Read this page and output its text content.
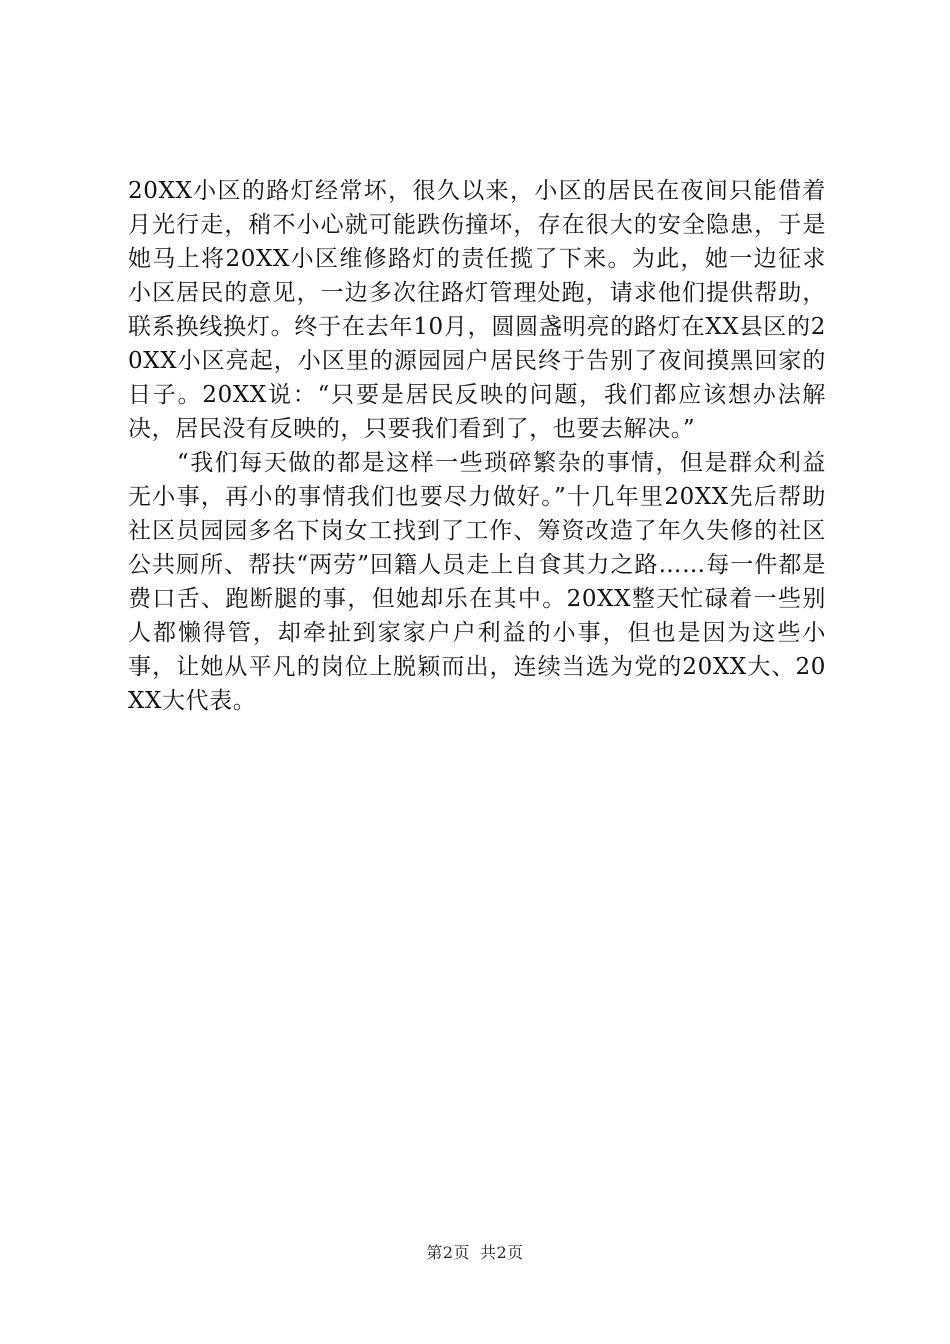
20XX小区的路灯经常坏，很久以来，小区的居民在夜间只能借着月光行走，稍不小心就可能跌伤撞坏，存在很大的安全隐患，于是她马上将20XX小区维修路灯的责任揽了下来。为此，她一边征求小区居民的意见，一边多次往路灯管理处跑，请求他们提供帮助，联系换线换灯。终于在去年10月，圆圆盏明亮的路灯在XX县区的20XX小区亮起，小区里的源园园户居民终于告别了夜间摸黑回家的日子。20XX说：“只要是居民反映的问题，我们都应该想办法解决，居民没有反映的，只要我们看到了，也要去解决。”

“我们每天做的都是这样一些琐碎繁杂的事情，但是群众利益无小事，再小的事情我们也要尽力做好。”十几年里20XX先后帮助社区员园园多名下岗女工找到了工作、筹资改造了年久失修的社区公共厕所、帮扶“两劳”回籍人员走上自食其力之路……每一件都是费口舌、跑断腿的事，但她却乐在其中。20XX整天忙碌着一些别人都懒得管，却牵扯到家家户户利益的小事，但也是因为这些小事，让她从平凡的岗位上脱颖而出，连续当选为党的20XX大、20XX大代表。

第2页 共2页
